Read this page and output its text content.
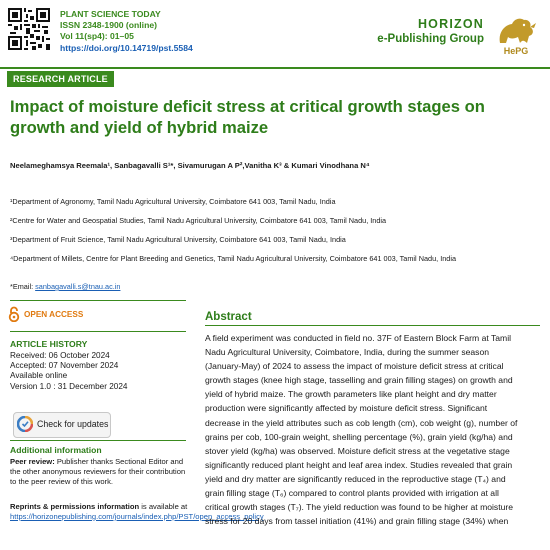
PLANT SCIENCE TODAY
ISSN 2348-1900 (online)
Vol 11(sp4): 01–05
https://doi.org/10.14719/pst.5584
HORIZON
e-Publishing Group
HePG
RESEARCH ARTICLE
Impact of moisture deficit stress at critical growth stages on
growth and yield of hybrid maize
Neelameghamsya Reemala¹, Sanbagavalli S¹*, Sivamurugan A P²,Vanitha K³ & Kumari Vinodhana N⁴
¹Department of Agronomy, Tamil Nadu Agricultural University, Coimbatore 641 003, Tamil Nadu, India
²Centre for Water and Geospatial Studies, Tamil Nadu Agricultural University, Coimbatore 641 003, Tamil Nadu, India
³Department of Fruit Science, Tamil Nadu Agricultural University, Coimbatore 641 003, Tamil Nadu, India
⁴Department of Millets, Centre for Plant Breeding and Genetics, Tamil Nadu Agricultural University, Coimbatore 641 003, Tamil Nadu, India
*Email: sanbagavalli.s@tnau.ac.in
OPEN ACCESS
ARTICLE HISTORY
Received: 06 October 2024
Accepted: 07 November 2024
Available online
Version 1.0 : 31 December 2024
Check for updates
Additional information
Peer review: Publisher thanks Sectional Editor and the other anonymous reviewers for their contribution to the peer review of this work.
Reprints & permissions information is available at https://horizonepublishing.com/journals/index.php/PST/open_access_policy
Abstract
A field experiment was conducted in field no. 37F of Eastern Block Farm at Tamil
Nadu Agricultural University, Coimbatore, India, during the summer season
(January-May) of 2024 to assess the impact of moisture deficit stress at critical
growth stages (knee high stage, tasselling and grain filling stages) on growth and
yield of hybrid maize. The growth parameters like plant height and dry matter
production were significantly affected by moisture deficit stress. Significant
decrease in the yield attributes such as cob length (cm), cob weight (g), number of
grains per cob, 100-grain weight, shelling percentage (%), grain yield (kg/ha) and
stover yield (kg/ha) was observed. Moisture deficit stress at the vegetative stage
significantly reduced plant height and leaf area index. Studies revealed that grain
yield and dry matter are significantly reduced in the reproductive stage (T₄) and
grain filling stage (T₆) compared to control plants provided with irrigation at all
critical growth stages (T₇). The yield reduction was found to be higher at moisture
stress for 20 days from tassel initiation (41%) and grain filling stage (34%) when
